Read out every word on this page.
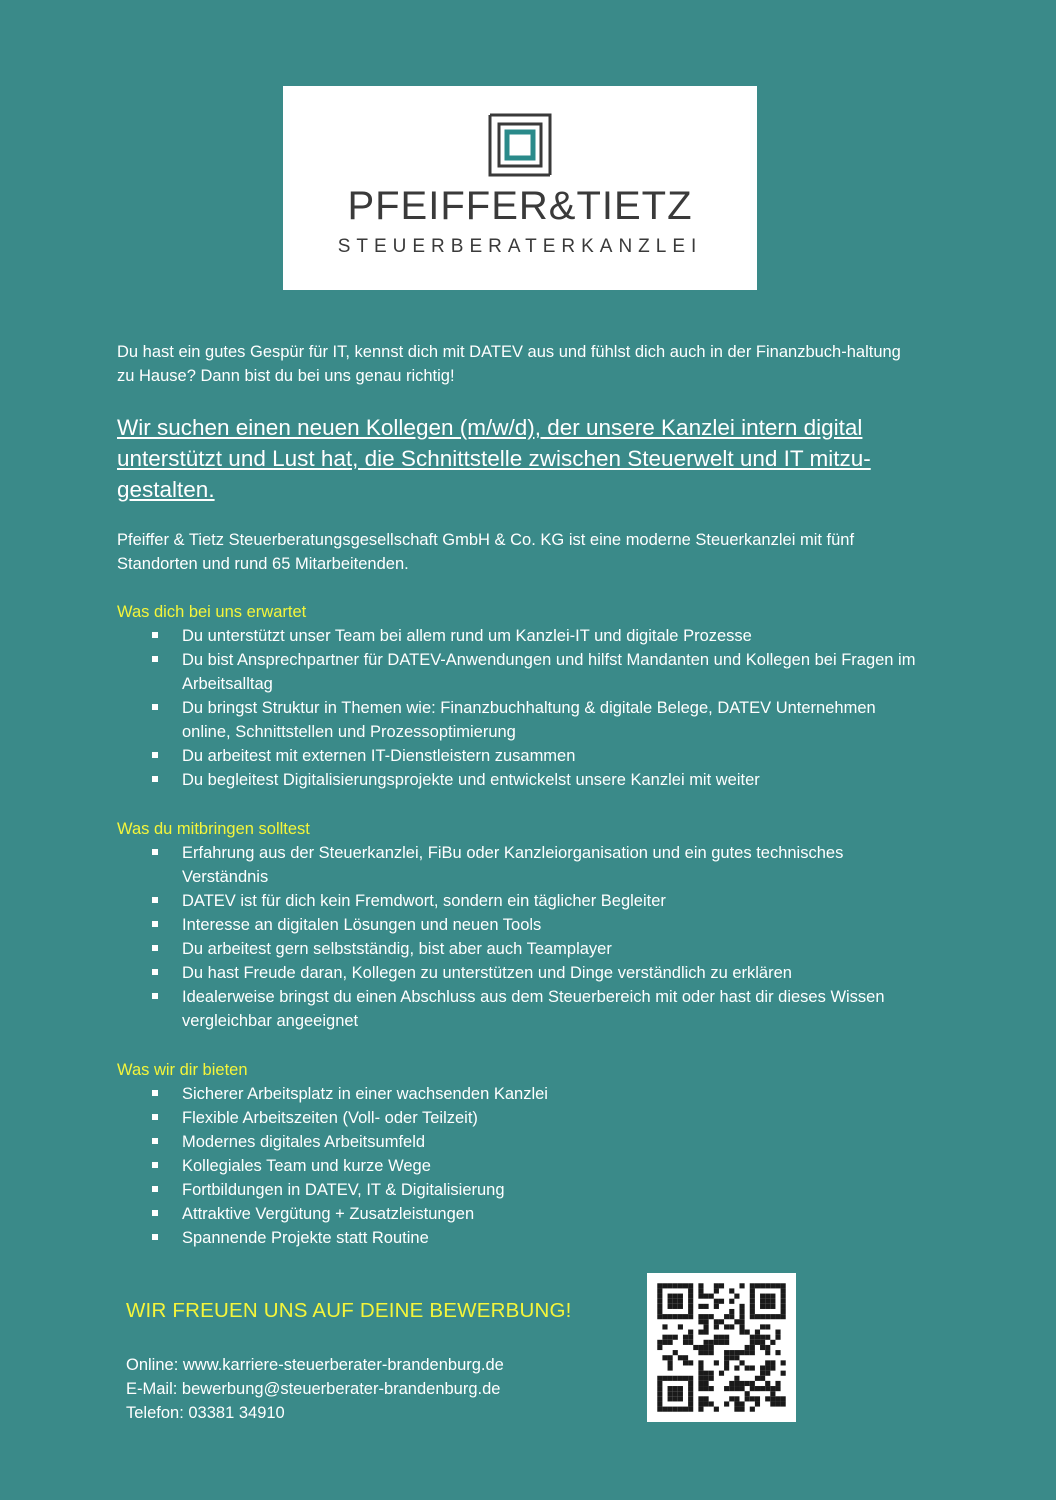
PFEIFFER&TIETZ
STEUERBERATERKANZLEI
Du hast ein gutes Gespür für IT, kennst dich mit DATEV aus und fühlst dich auch in der Finanzbuch-haltung zu Hause? Dann bist du bei uns genau richtig!
Wir suchen einen neuen Kollegen (m/w/d), der unsere Kanzlei intern digital unterstützt und Lust hat, die Schnittstelle zwischen Steuerwelt und IT mitzu-gestalten.
Pfeiffer & Tietz Steuerberatungsgesellschaft GmbH & Co. KG ist eine moderne Steuerkanzlei mit fünf Standorten und rund 65 Mitarbeitenden.
Was dich bei uns erwartet
Du unterstützt unser Team bei allem rund um Kanzlei-IT und digitale Prozesse
Du bist Ansprechpartner für DATEV-Anwendungen und hilfst Mandanten und Kollegen bei Fragen im Arbeitsalltag
Du bringst Struktur in Themen wie: Finanzbuchhaltung & digitale Belege, DATEV Unternehmen online, Schnittstellen und Prozessoptimierung
Du arbeitest mit externen IT-Dienstleistern zusammen
Du begleitest Digitalisierungsprojekte und entwickelst unsere Kanzlei mit weiter
Was du mitbringen solltest
Erfahrung aus der Steuerkanzlei, FiBu oder Kanzleiorganisation und ein gutes technisches Verständnis
DATEV ist für dich kein Fremdwort, sondern ein täglicher Begleiter
Interesse an digitalen Lösungen und neuen Tools
Du arbeitest gern selbstständig, bist aber auch Teamplayer
Du hast Freude daran, Kollegen zu unterstützen und Dinge verständlich zu erklären
Idealerweise bringst du einen Abschluss aus dem Steuerbereich mit oder hast dir dieses Wissen vergleichbar angeeignet
Was wir dir bieten
Sicherer Arbeitsplatz in einer wachsenden Kanzlei
Flexible Arbeitszeiten (Voll- oder Teilzeit)
Modernes digitales Arbeitsumfeld
Kollegiales Team und kurze Wege
Fortbildungen in DATEV, IT & Digitalisierung
Attraktive Vergütung + Zusatzleistungen
Spannende Projekte statt Routine
WIR FREUEN UNS AUF DEINE BEWERBUNG!
Online: www.karriere-steuerberater-brandenburg.de
E-Mail: bewerbung@steuerberater-brandenburg.de
Telefon: 03381 34910
